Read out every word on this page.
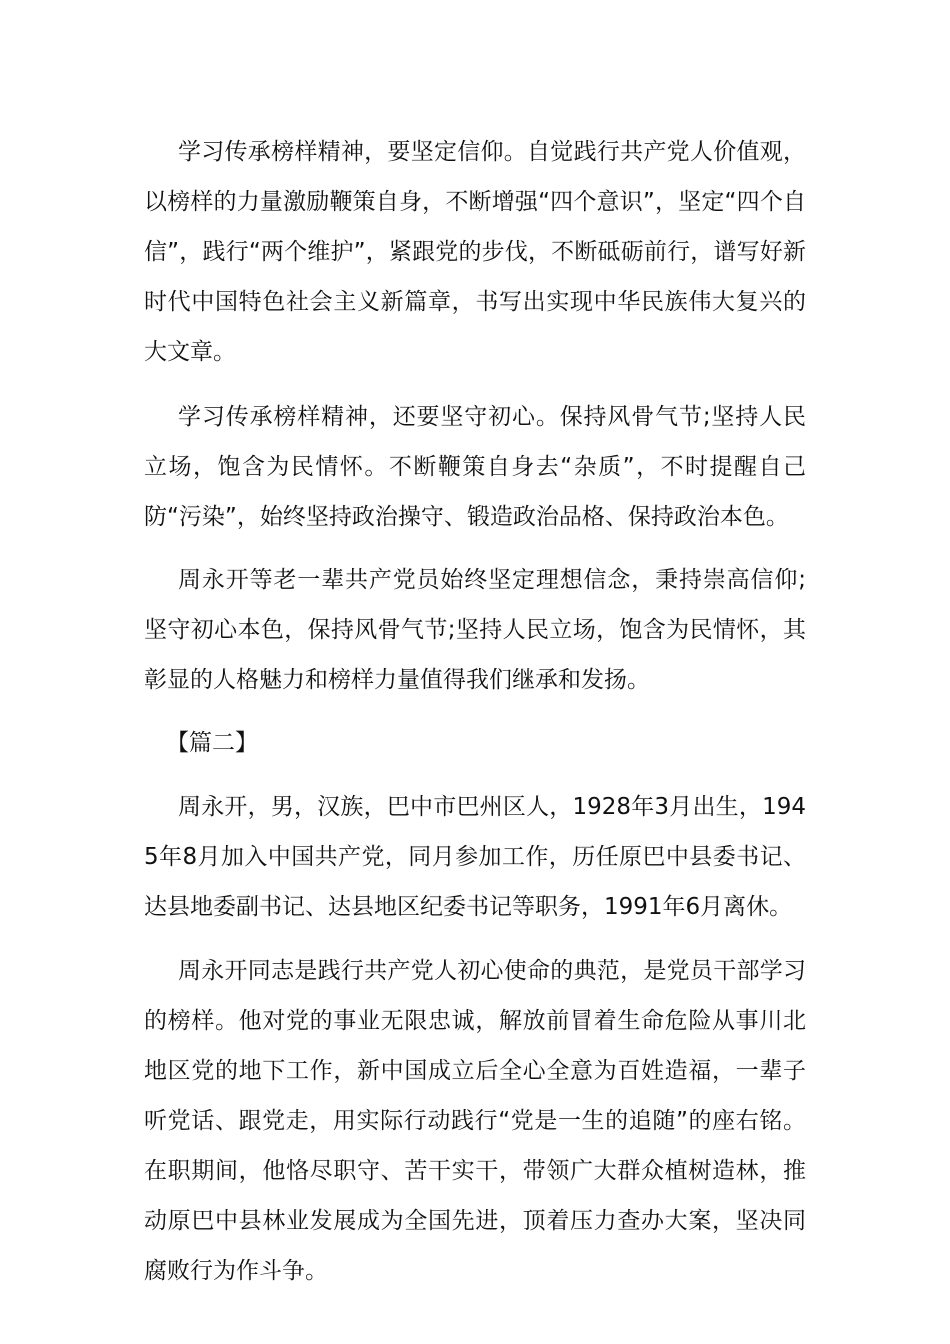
学习传承榜样精神，要坚定信仰。自觉践行共产党人价值观，以榜样的力量激励鞭策自身，不断增强“四个意识”，坚定“四个自信”，践行“两个维护”，紧跟党的步伐，不断砥砺前行，谱写好新时代中国特色社会主义新篇章，书写出实现中华民族伟大复兴的大文章。

学习传承榜样精神，还要坚守初心。保持风骨气节;坚持人民立场，饱含为民情怀。不断鞭策自身去“杂质”，不时提醒自己防“污染”，始终坚持政治操守、锻造政治品格、保持政治本色。

周永开等老一辈共产党员始终坚定理想信念，秉持崇高信仰;坚守初心本色，保持风骨气节;坚持人民立场，饱含为民情怀，其彰显的人格魅力和榜样力量值得我们继承和发扬。

【篇二】

周永开，男，汉族，巴中市巴州区人，1928年3月出生，1945年8月加入中国共产党，同月参加工作，历任原巴中县委书记、达县地委副书记、达县地区纪委书记等职务，1991年6月离休。

周永开同志是践行共产党人初心使命的典范，是党员干部学习的榜样。他对党的事业无限忠诚，解放前冒着生命危险从事川北地区党的地下工作，新中国成立后全心全意为百姓造福，一辈子听党话、跟党走，用实际行动践行“党是一生的追随”的座右铭。在职期间，他恪尽职守、苦干实干，带领广大群众植树造林，推动原巴中县林业发展成为全国先进，顶着压力查办大案，坚决同腐败行为作斗争。
